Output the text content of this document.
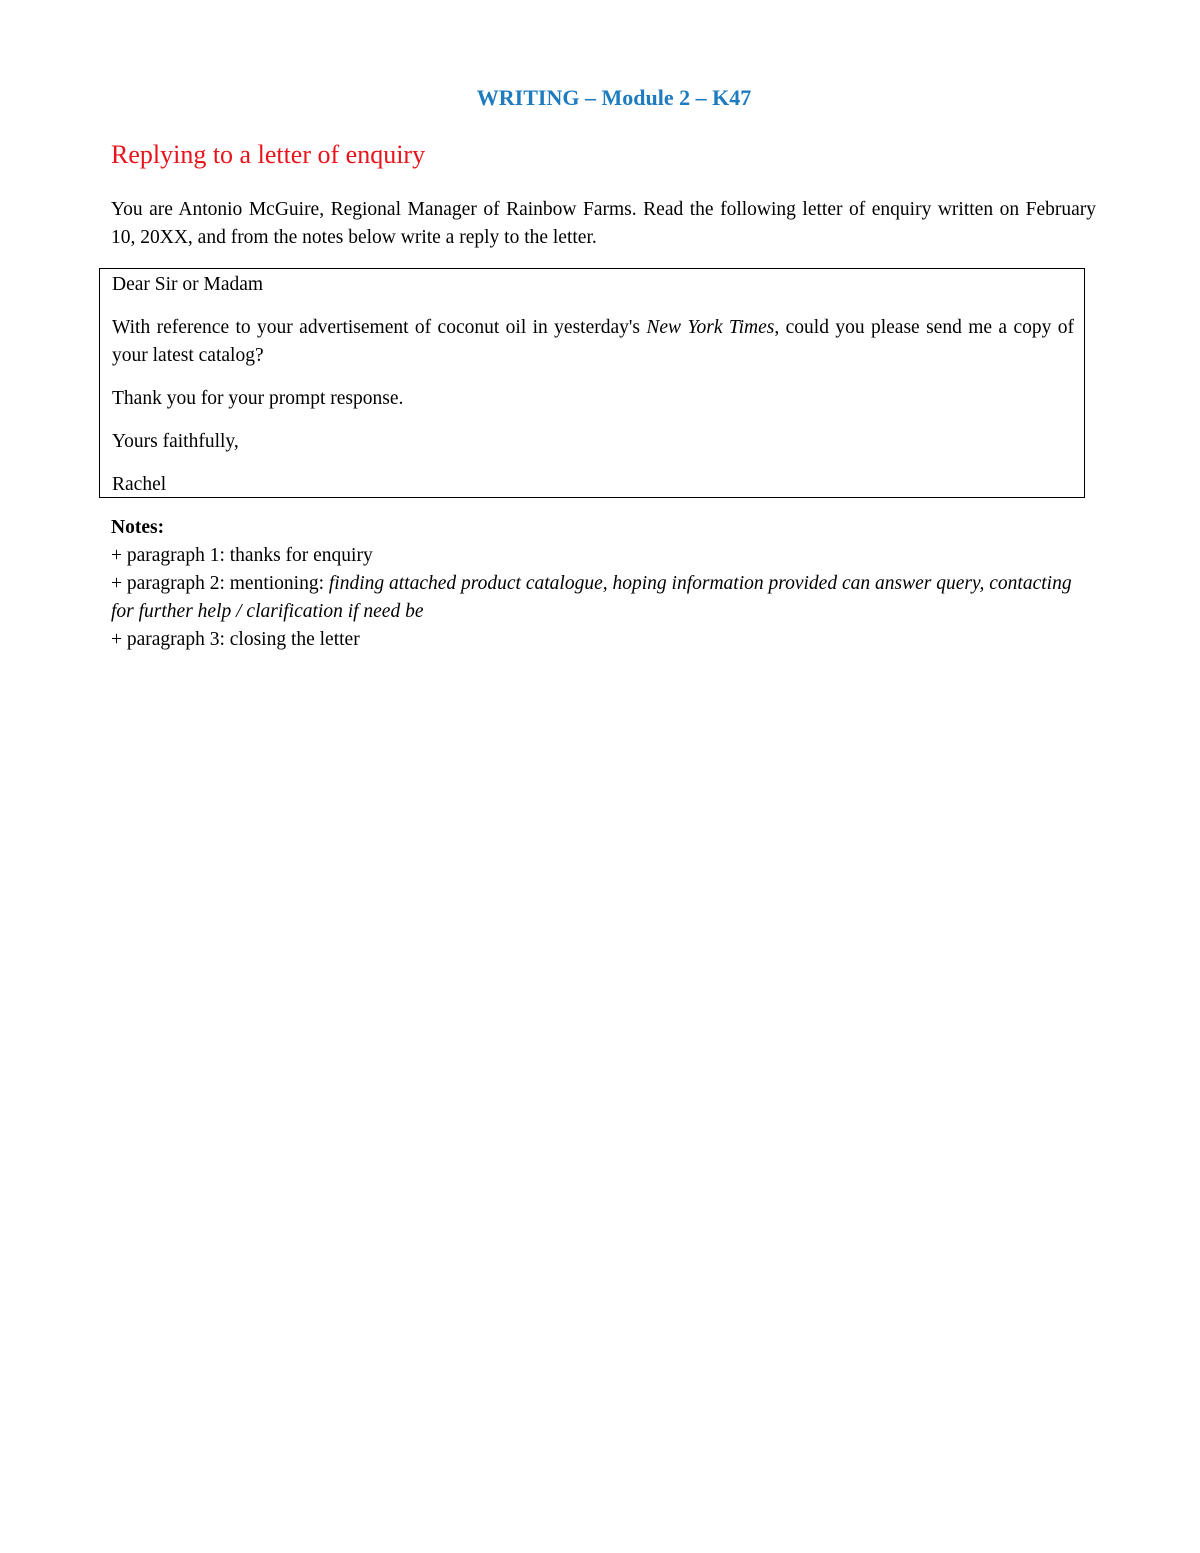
WRITING – Module 2 – K47
Replying to a letter of enquiry
You are Antonio McGuire, Regional Manager of Rainbow Farms. Read the following letter of enquiry written on February 10, 20XX, and from the notes below write a reply to the letter.

Dear Sir or Madam

With reference to your advertisement of coconut oil in yesterday's New York Times, could you please send me a copy of your latest catalog?

Thank you for your prompt response.

Yours faithfully,

Rachel

Notes:

+ paragraph 1: thanks for enquiry

+ paragraph 2: mentioning: finding attached product catalogue, hoping information provided can answer query, contacting for further help / clarification if need be

+ paragraph 3: closing the letter
